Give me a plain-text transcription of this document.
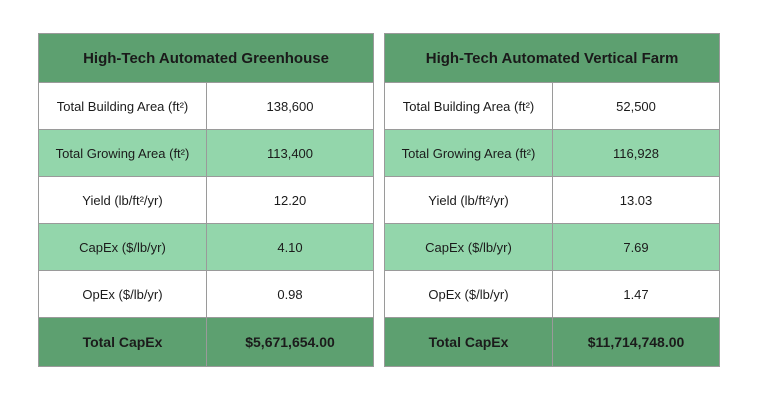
High-Tech Automated Greenhouse	
Total Building Area (ft²)	138,600
Total Growing Area (ft²)	113,400
Yield (lb/ft²/yr)	12.20
CapEx ($/lb/yr)	4.10
OpEx ($/lb/yr)	0.98
Total CapEx	$5,671,654.00
High-Tech Automated Vertical Farm	
Total Building Area (ft²)	52,500
Total Growing Area (ft²)	116,928
Yield (lb/ft²/yr)	13.03
CapEx ($/lb/yr)	7.69
OpEx ($/lb/yr)	1.47
Total CapEx	$11,714,748.00
